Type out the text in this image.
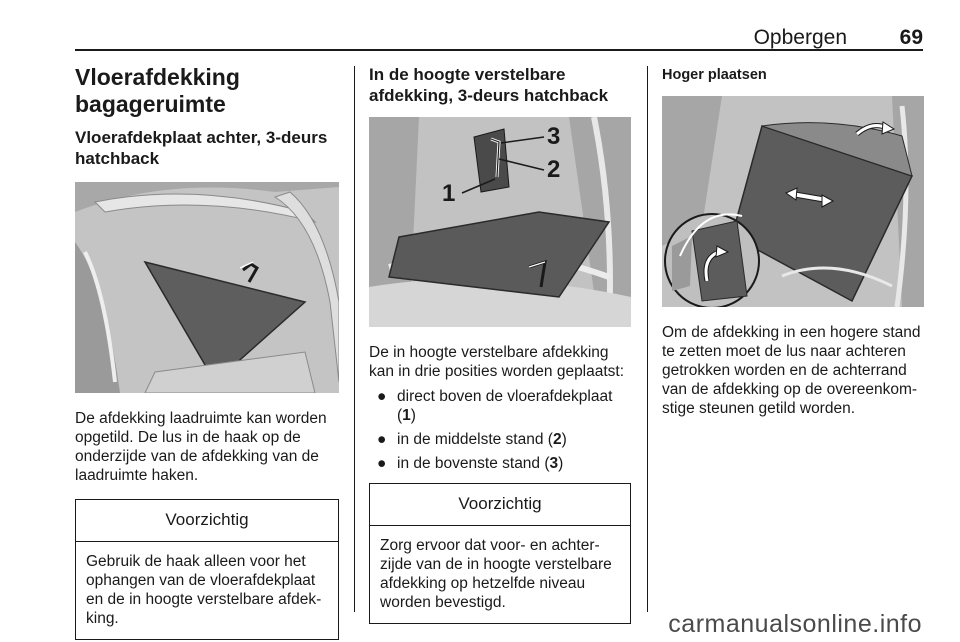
Opbergen	69
Vloerafdekking bagageruimte
Vloerafdekplaat achter, 3-deurs hatchback

De afdekking laadruimte kan worden opgetild. De lus in de haak op de onderzijde van de afdekking van de laadruimte haken.

Voorzichtig
Gebruik de haak alleen voor het ophangen van de vloerafdekplaat en de in hoogte verstelbare afdek-king.
In de hoogte verstelbare afdekking, 3-deurs hatchback
1
2
3

De in hoogte verstelbare afdekking kan in drie posities worden geplaatst:

● direct boven de vloerafdekplaat (1)
● in de middelste stand (2)
● in de bovenste stand (3)
Voorzichtig
Zorg ervoor dat voor- en achter-zijde van de in hoogte verstelbare afdekking op hetzelfde niveau worden bevestigd.
Hoger plaatsen

Om de afdekking in een hogere stand te zetten moet de lus naar achteren getrokken worden en de achterrand van de afdekking op de overeenkom-stige steunen getild worden.

carmanualsonline.info
